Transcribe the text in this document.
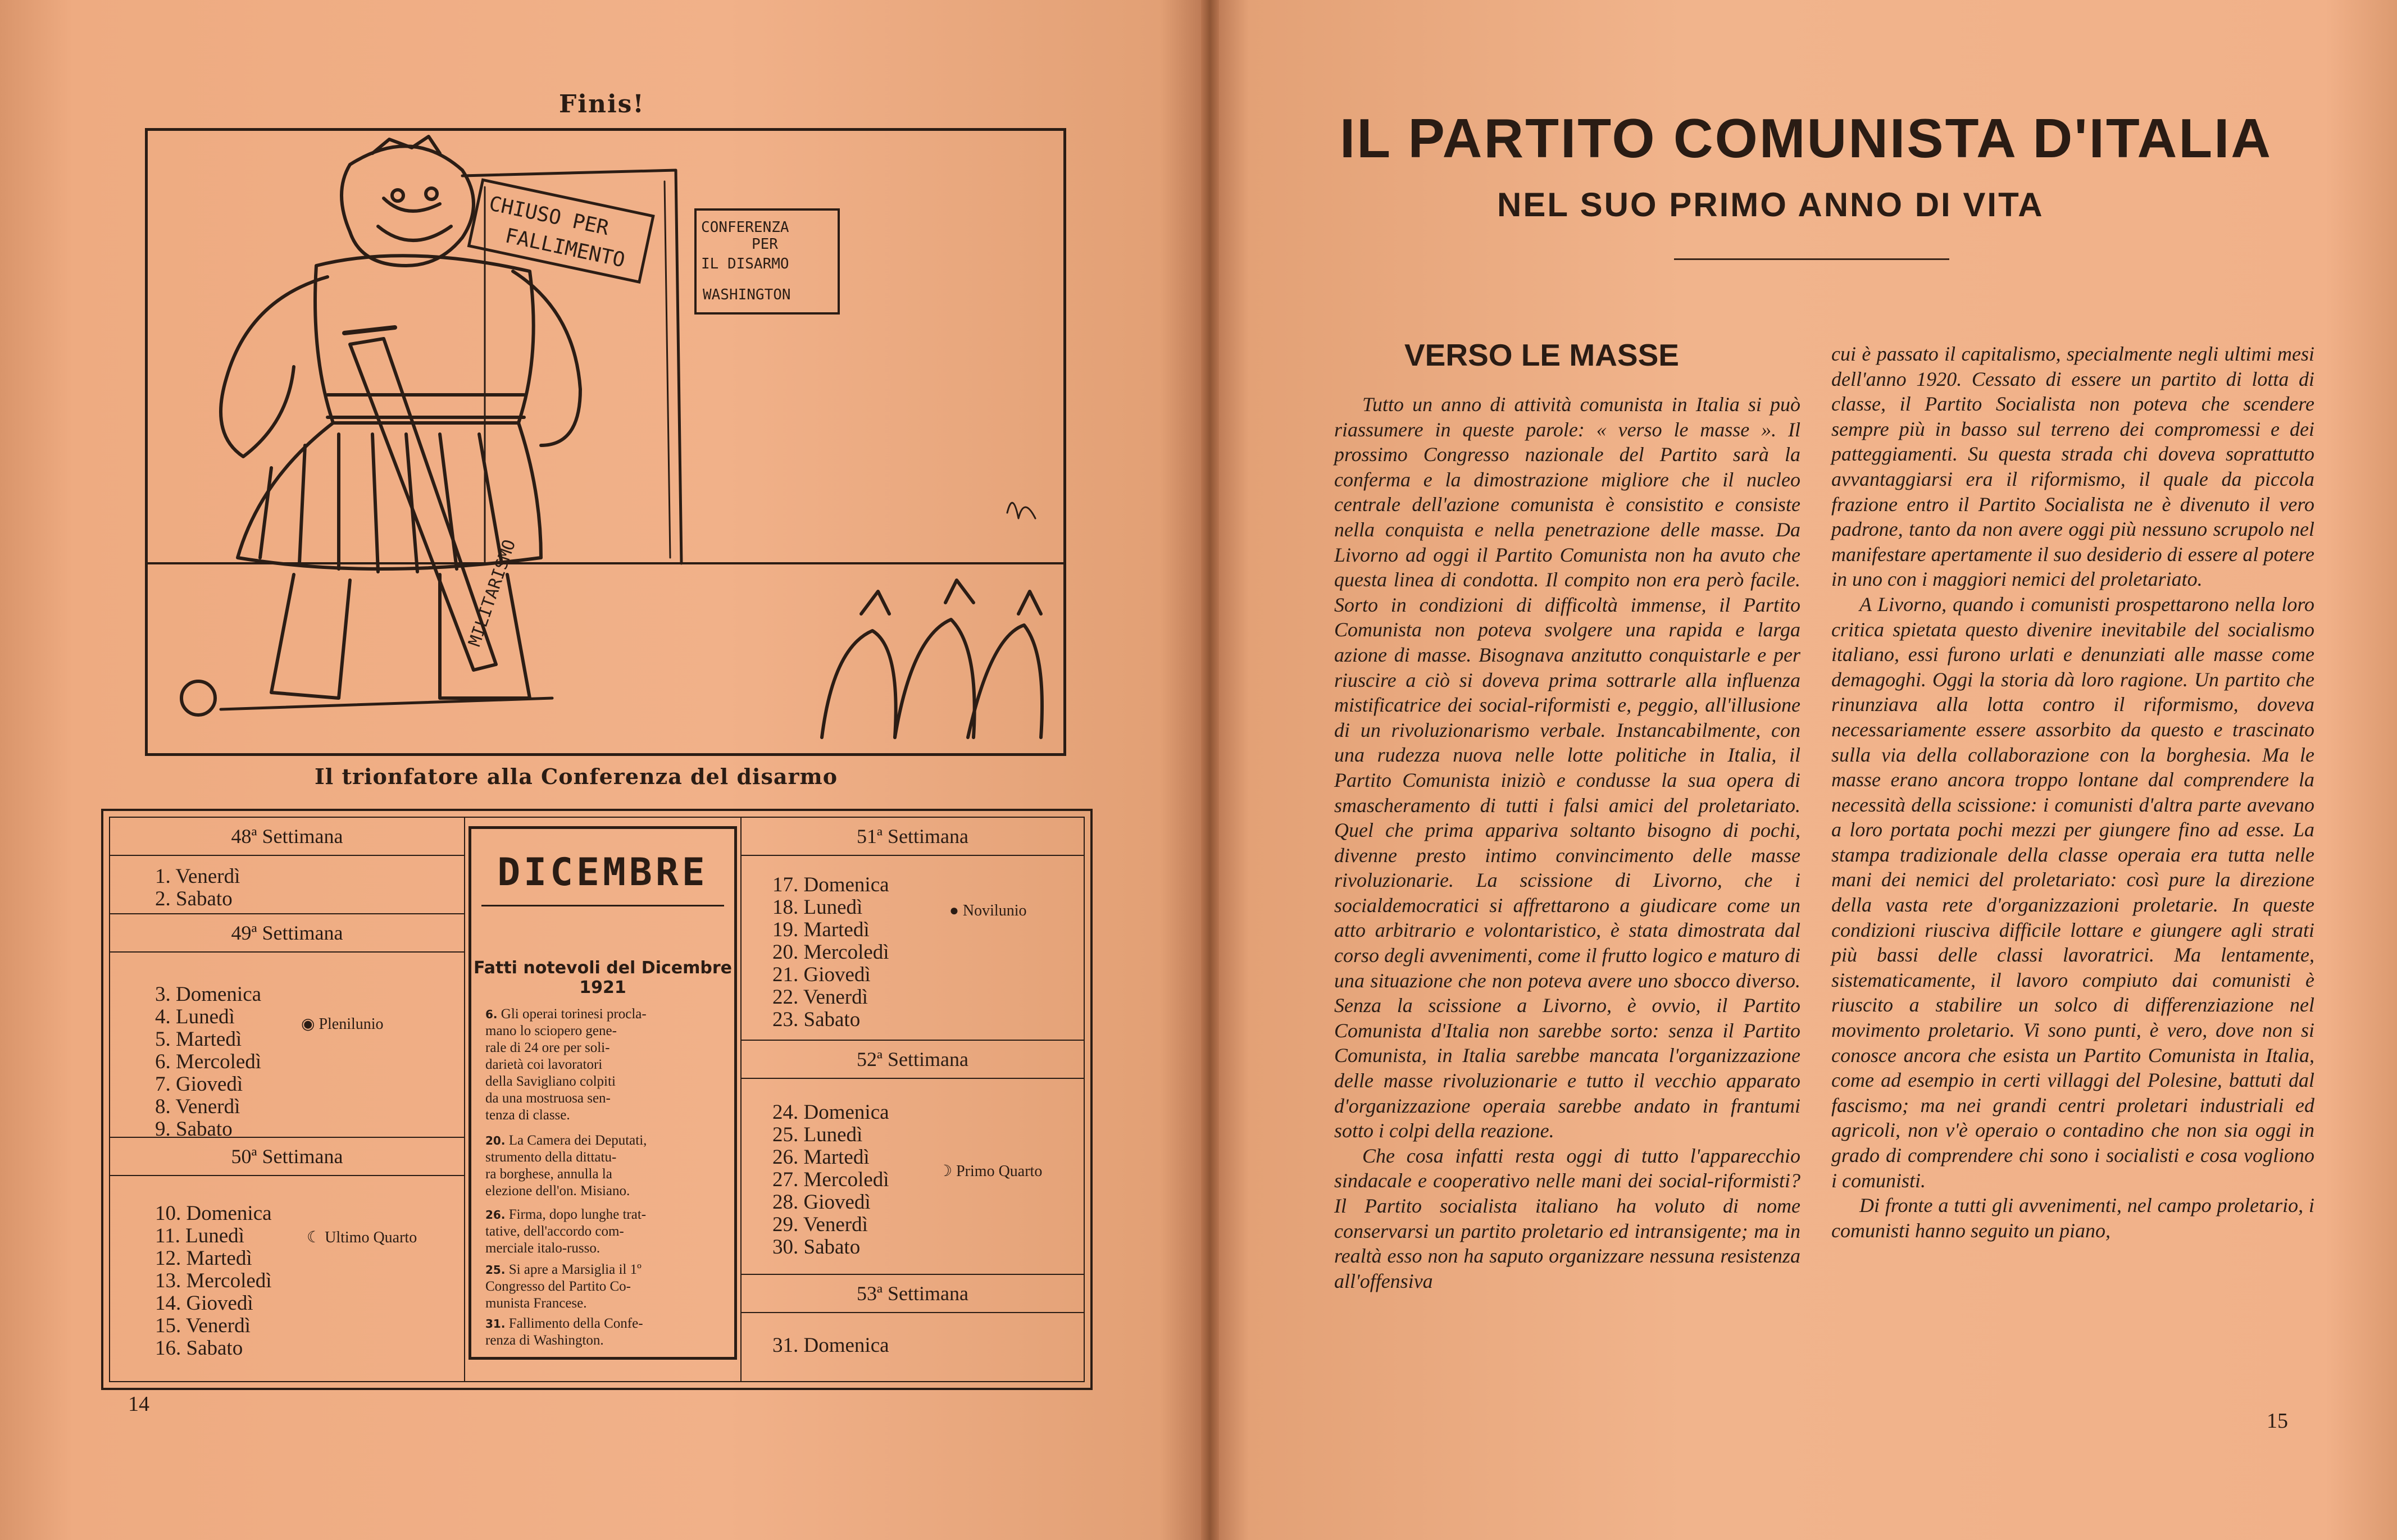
Finis!
CHIUSO PER
FALLIMENTO	CONFERENZA
PER
IL DISARMO
WASHINGTON
MILITARISMO
Il trionfatore alla Conferenza del disarmo
48ª Settimana
1. Venerdì
2. Sabato
49ª Settimana
3. Domenica
4. Lunedì
5. Martedì
6. Mercoledì
7. Giovedì
8. Venerdì
9. Sabato
◉ Plenilunio
50ª Settimana
10. Domenica
11. Lunedì
12. Martedì
13. Mercoledì
14. Giovedì
15. Venerdì
16. Sabato
☾ Ultimo Quarto
DICEMBRE
Fatti notevoli del Dicembre 1921
6. Gli operai torinesi procla-
mano lo sciopero gene-
rale di 24 ore per soli-
darietà coi lavoratori
della Savigliano colpiti
da una mostruosa sen-
tenza di classe.
20. La Camera dei Deputati,
strumento della dittatu-
ra borghese, annulla la
elezione dell'on. Misiano.
26. Firma, dopo lunghe trat-
tative, dell'accordo com-
merciale italo-russo.
25. Si apre a Marsiglia il 1º
Congresso del Partito Co-
munista Francese.
31. Fallimento della Confe-
renza di Washington.
51ª Settimana
17. Domenica
18. Lunedì
19. Martedì
20. Mercoledì
21. Giovedì
22. Venerdì
23. Sabato
● Novilunio
52ª Settimana
24. Domenica
25. Lunedì
26. Martedì
27. Mercoledì
28. Giovedì
29. Venerdì
30. Sabato
☽ Primo Quarto
53ª Settimana
31. Domenica
14
IL PARTITO COMUNISTA D'ITALIA
NEL SUO PRIMO ANNO DI VITA
VERSO LE MASSE

Tutto un anno di attività comunista in Italia si può riassumere in queste parole: « verso le masse ». Il prossimo Congresso nazionale del Partito sarà la conferma e la dimostrazione migliore che il nucleo centrale dell'azione comunista è consistito e consiste nella conquista e nella penetrazione delle masse. Da Livorno ad oggi il Partito Comunista non ha avuto che questa linea di condotta. Il compito non era però facile. Sorto in condizioni di difficoltà immense, il Partito Comunista non poteva svolgere una rapida e larga azione di masse. Bisognava anzitutto conquistarle e per riuscire a ciò si doveva prima sottrarle alla influenza mistificatrice dei social-riformisti e, peggio, all'illusione di un rivoluzionarismo verbale. Instancabilmente, con una rudezza nuova nelle lotte politiche in Italia, il Partito Comunista iniziò e condusse la sua opera di smascheramento di tutti i falsi amici del proletariato. Quel che prima appariva soltanto bisogno di pochi, divenne presto intimo convincimento delle masse rivoluzionarie. La scissione di Livorno, che i socialdemocratici si affrettarono a giudicare come un atto arbitrario e volontaristico, è stata dimostrata dal corso degli avvenimenti, come il frutto logico e maturo di una situazione che non poteva avere uno sbocco diverso. Senza la scissione a Livorno, è ovvio, il Partito Comunista d'Italia non sarebbe sorto: senza il Partito Comunista, in Italia sarebbe mancata l'organizzazione delle masse rivoluzionarie e tutto il vecchio apparato d'organizzazione operaia sarebbe andato in frantumi sotto i colpi della reazione.

Che cosa infatti resta oggi di tutto l'apparecchio sindacale e cooperativo nelle mani dei social-riformisti? Il Partito socialista italiano ha voluto di nome conservarsi un partito proletario ed intransigente; ma in realtà esso non ha saputo organizzare nessuna resistenza all'offensiva

cui è passato il capitalismo, specialmente negli ultimi mesi dell'anno 1920. Cessato di essere un partito di lotta di classe, il Partito Socialista non poteva che scendere sempre più in basso sul terreno dei compromessi e dei patteggiamenti. Su questa strada chi doveva soprattutto avvantaggiarsi era il riformismo, il quale da piccola frazione entro il Partito Socialista ne è divenuto il vero padrone, tanto da non avere oggi più nessuno scrupolo nel manifestare apertamente il suo desiderio di essere al potere in uno con i maggiori nemici del proletariato.

A Livorno, quando i comunisti prospettarono nella loro critica spietata questo divenire inevitabile del socialismo italiano, essi furono urlati e denunziati alle masse come demagoghi. Oggi la storia dà loro ragione. Un partito che rinunziava alla lotta contro il riformismo, doveva necessariamente essere assorbito da questo e trascinato sulla via della collaborazione con la borghesia. Ma le masse erano ancora troppo lontane dal comprendere la necessità della scissione: i comunisti d'altra parte avevano a loro portata pochi mezzi per giungere fino ad esse. La stampa tradizionale della classe operaia era tutta nelle mani dei nemici del proletariato: così pure la direzione della vasta rete d'organizzazioni proletarie. In queste condizioni riusciva difficile lottare e giungere agli strati più bassi delle classi lavoratrici. Ma lentamente, sistematicamente, il lavoro compiuto dai comunisti è riuscito a stabilire un solco di differenziazione nel movimento proletario. Vi sono punti, è vero, dove non si conosce ancora che esista un Partito Comunista in Italia, come ad esempio in certi villaggi del Polesine, battuti dal fascismo; ma nei grandi centri proletari industriali ed agricoli, non v'è operaio o contadino che non sia oggi in grado di comprendere chi sono i socialisti e cosa vogliono i comunisti.

Di fronte a tutti gli avvenimenti, nel campo proletario, i comunisti hanno seguito un piano,

15
